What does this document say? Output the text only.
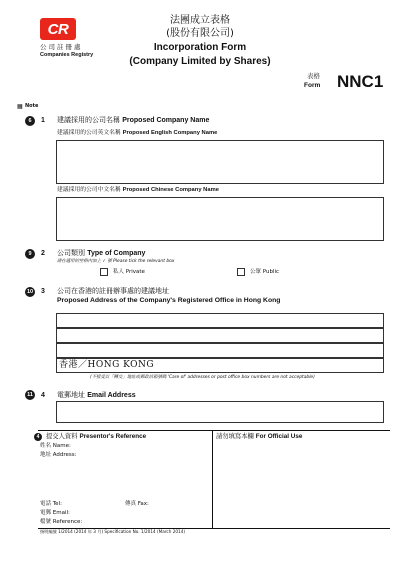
CR
公司註冊處
Companies Registry
法團成立表格
(股份有限公司)
Incorporation Form
(Company Limited by Shares)
表格
Form NNC1
▦ Note
6	1 建議採用的公司名稱 Proposed Company Name
建議採用的公司英文名稱 Proposed English Company Name
建議採用的公司中文名稱 Proposed Chinese Company Name
9	2 公司類別 Type of Company
請在適用的空格內加上 ✓ 號 Please tick the relevant box
私人 Private	公眾 Public
10 3 公司在香港的註冊辦事處的建議地址
Proposed Address of the Company's Registered Office in Hong Kong
香港／HONG KONG
(不接受以「轉交」地址或郵政信箱號碼 'Care of' addresses or post office box numbers are not acceptable)
11 4 電郵地址 Email Address
4	提交人資料 Presentor's Reference
姓名 Name:
地址 Address:
電話 Tel:	傳真 Fax:
電郵 Email:
檔號 Reference:
請勿填寫本欄 For Official Use
指明編號 1/2014 (2014 年 3 月) Specification No. 1/2014 (March 2014)
